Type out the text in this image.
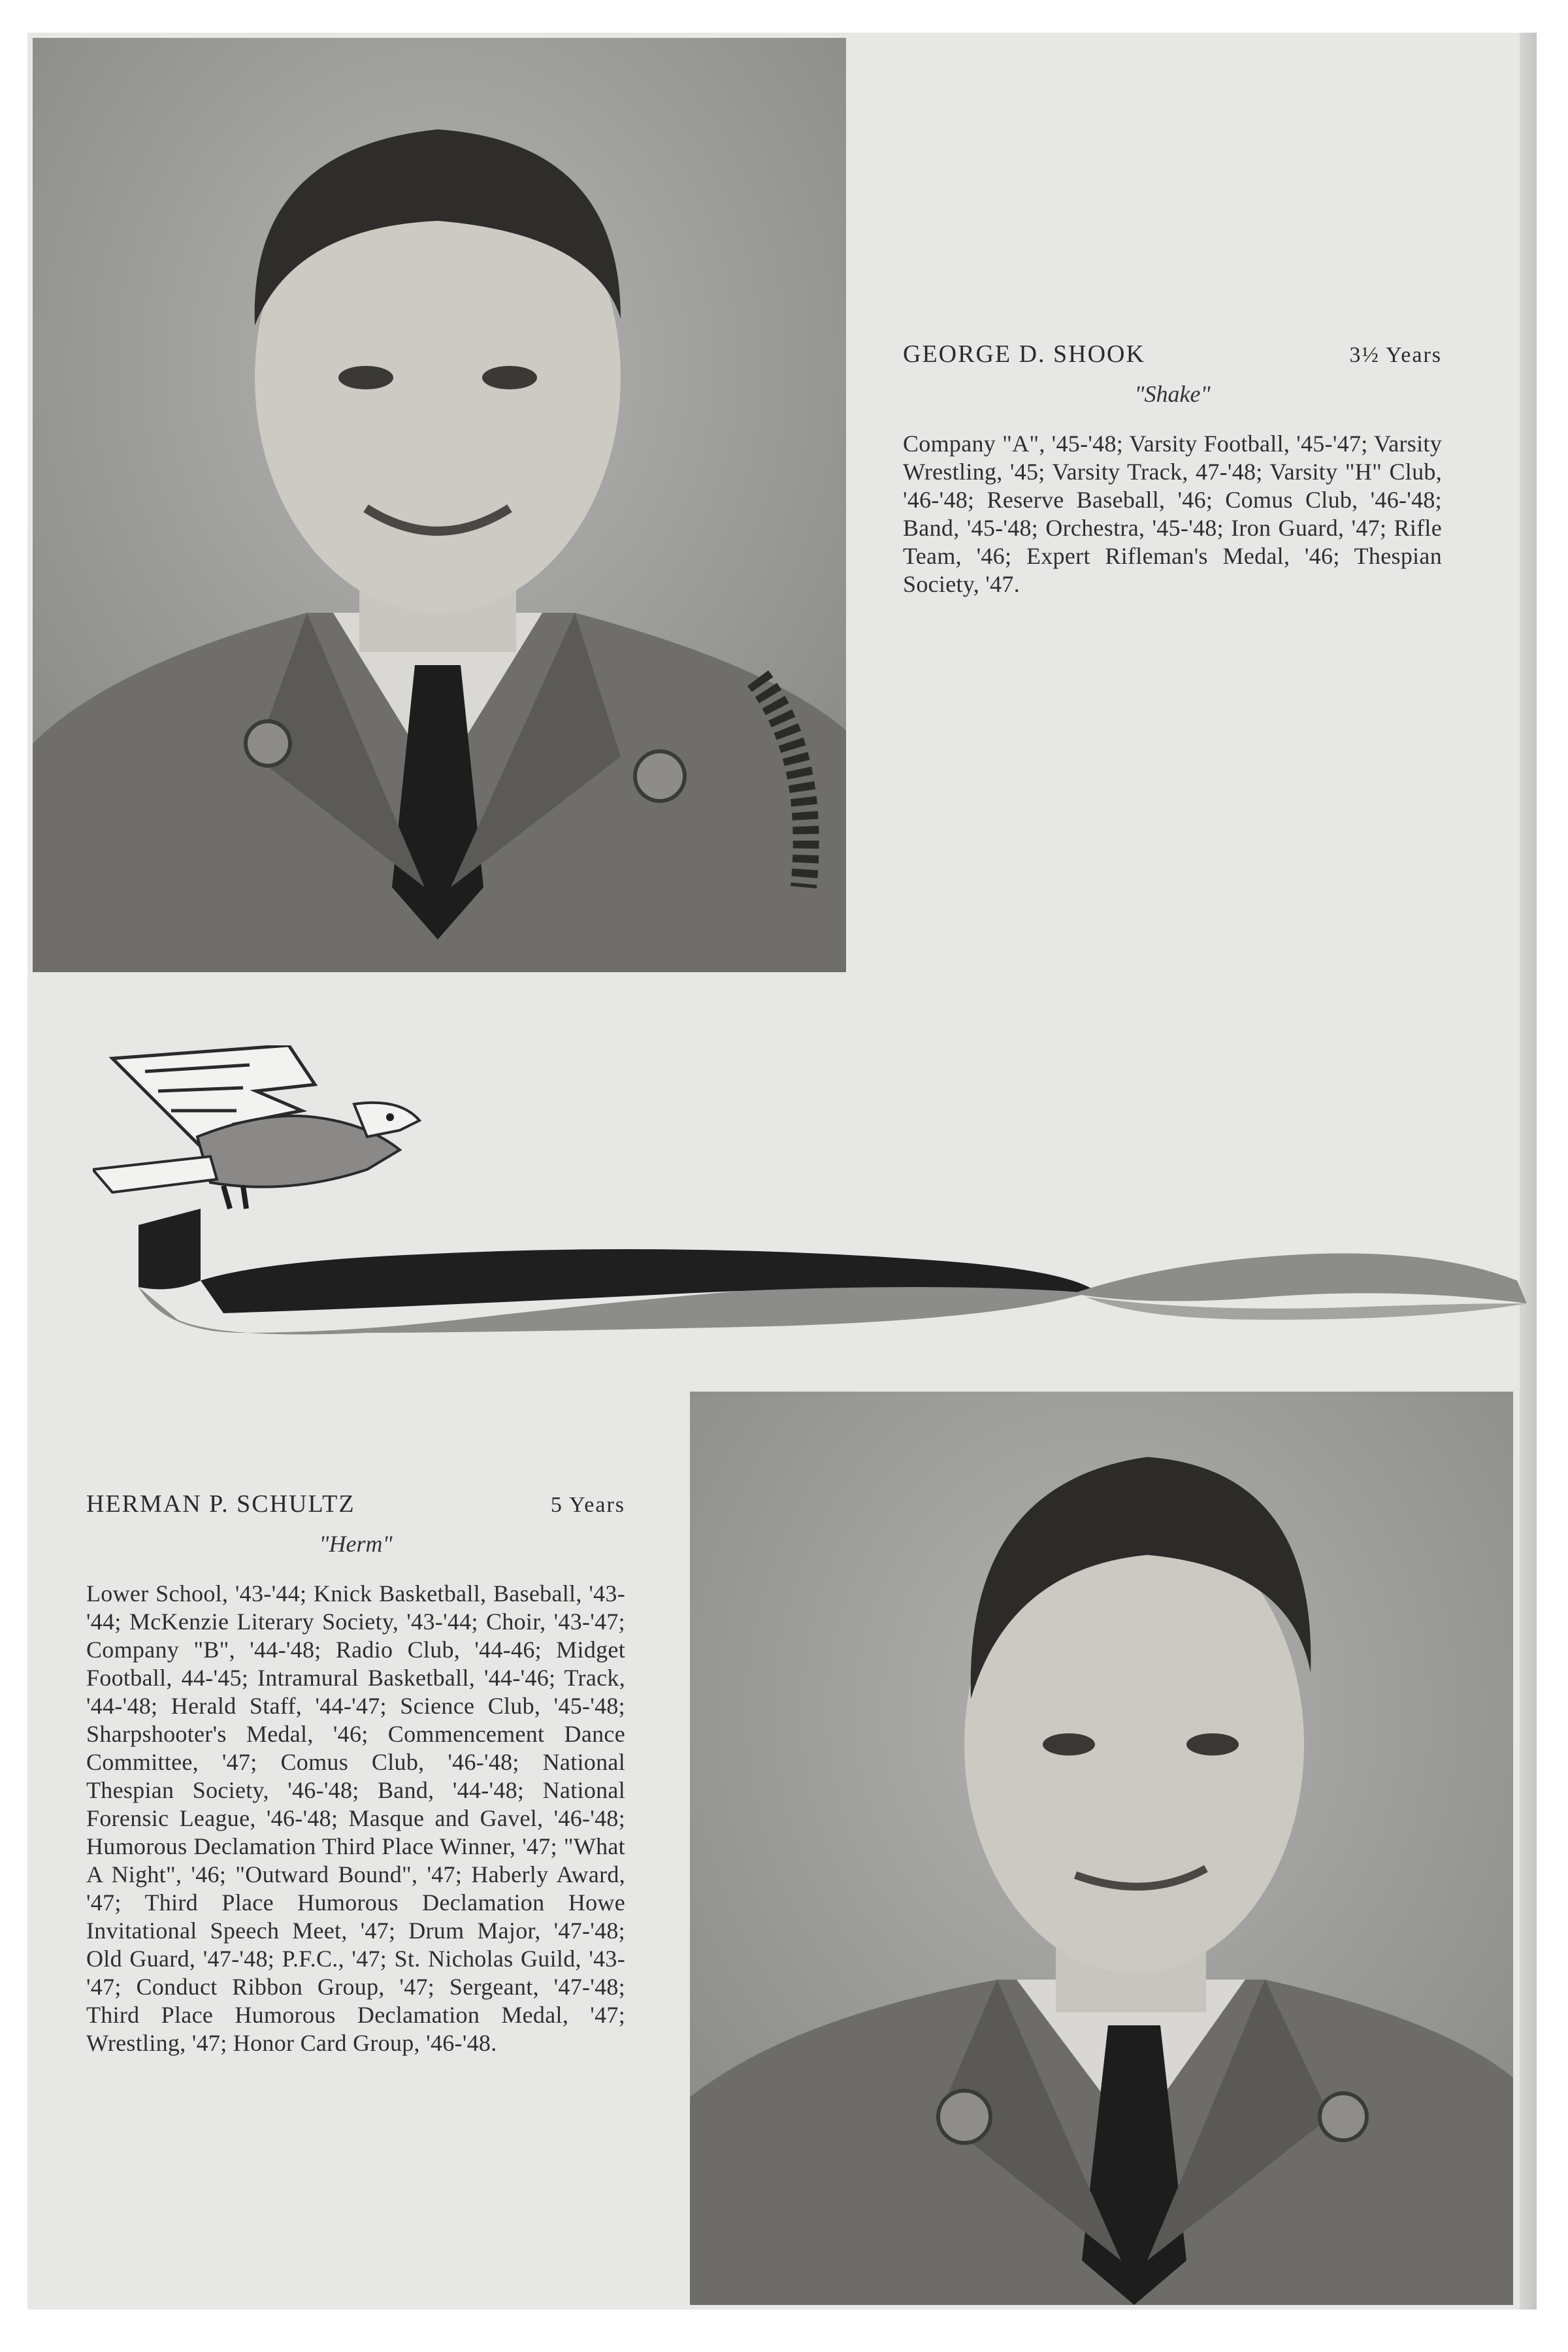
GEORGE D. SHOOK	3½ Years
"Shake"
Company "A", '45-'48; Varsity Football, '45-'47; Varsity Wrestling, '45; Varsity Track, 47-'48; Varsity "H" Club, '46-'48; Reserve Baseball, '46; Comus Club, '46-'48; Band, '45-'48; Orchestra, '45-'48; Iron Guard, '47; Rifle Team, '46; Expert Rifleman's Medal, '46; Thespian Society, '47.
HERMAN P. SCHULTZ	5 Years
"Herm"
Lower School, '43-'44; Knick Basketball, Baseball, '43-'44; McKenzie Literary Society, '43-'44; Choir, '43-'47; Company "B", '44-'48; Radio Club, '44-46; Midget Football, 44-'45; Intramural Basketball, '44-'46; Track, '44-'48; Herald Staff, '44-'47; Science Club, '45-'48; Sharpshooter's Medal, '46; Commencement Dance Committee, '47; Comus Club, '46-'48; National Thespian Society, '46-'48; Band, '44-'48; National Forensic League, '46-'48; Masque and Gavel, '46-'48; Humorous Declamation Third Place Winner, '47; "What A Night", '46; "Outward Bound", '47; Haberly Award, '47; Third Place Humorous Declamation Howe Invitational Speech Meet, '47; Drum Major, '47-'48; Old Guard, '47-'48; P.F.C., '47; St. Nicholas Guild, '43-'47; Conduct Ribbon Group, '47; Sergeant, '47-'48; Third Place Humorous Declamation Medal, '47; Wrestling, '47; Honor Card Group, '46-'48.
